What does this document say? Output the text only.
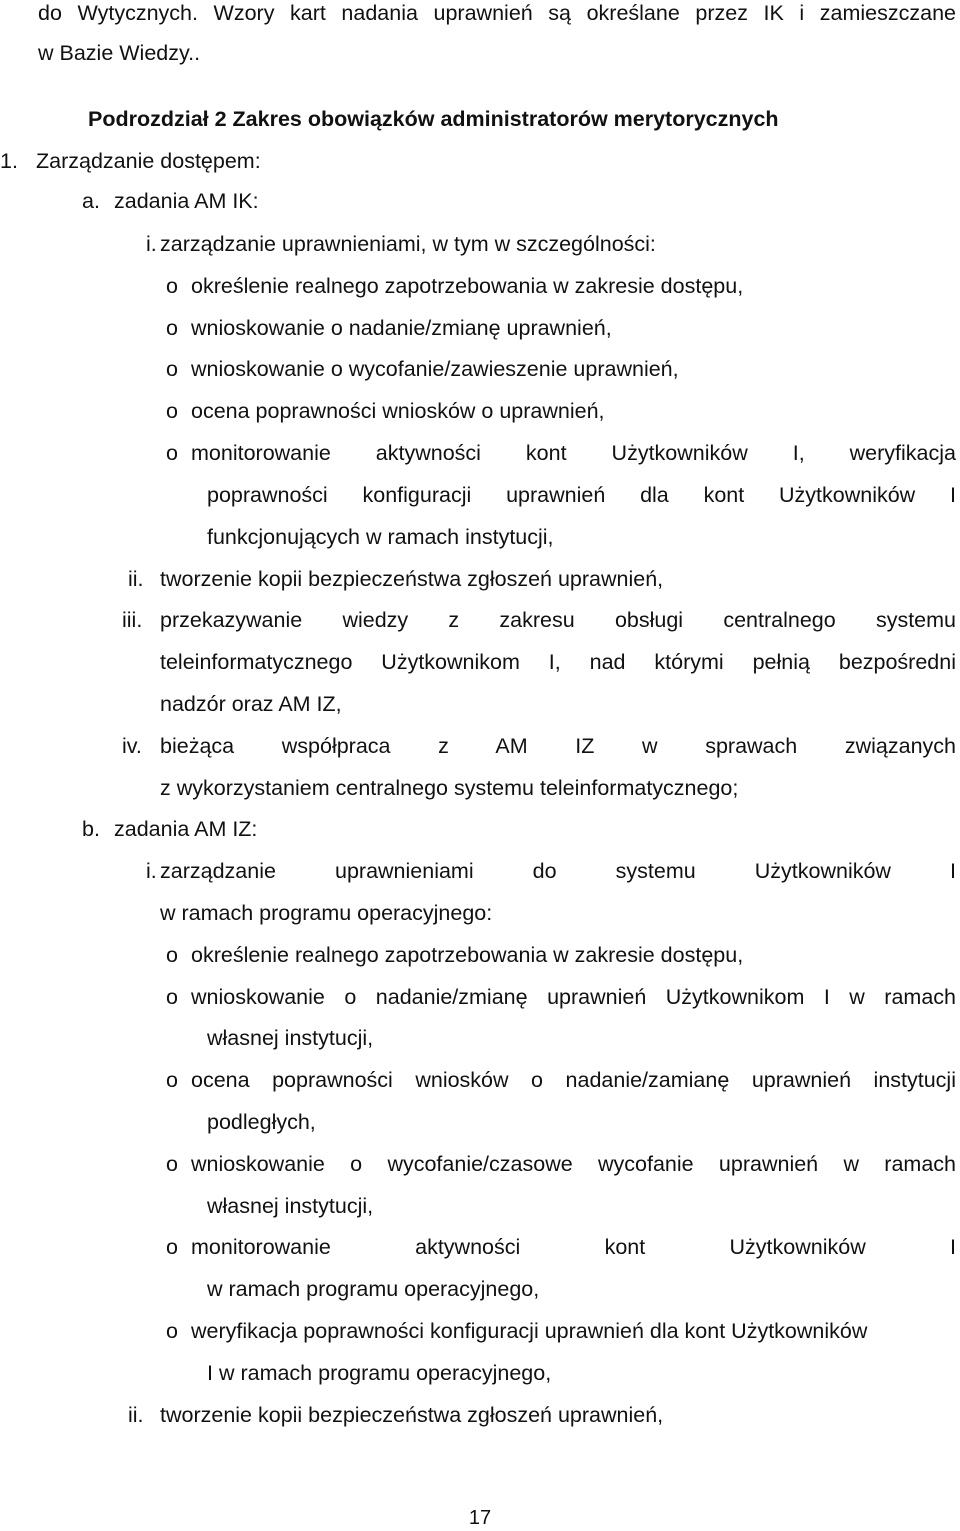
do Wytycznych. Wzory kart nadania uprawnień są określane przez IK i zamieszczane
w Bazie Wiedzy..
Podrozdział 2 Zakres obowiązków administratorów merytorycznych
1. Zarządzanie dostępem:
a. zadania AM IK:
i. zarządzanie uprawnieniami, w tym w szczególności:
o określenie realnego zapotrzebowania w zakresie dostępu,
o wnioskowanie o nadanie/zmianę uprawnień,
o wnioskowanie o wycofanie/zawieszenie uprawnień,
o ocena poprawności wniosków o uprawnień,
o monitorowanie aktywności kont Użytkowników I, weryfikacja
poprawności konfiguracji uprawnień dla kont Użytkowników I
funkcjonujących w ramach instytucji,
ii. tworzenie kopii bezpieczeństwa zgłoszeń uprawnień,
iii. przekazywanie wiedzy z zakresu obsługi centralnego systemu
teleinformatycznego Użytkownikom I, nad którymi pełnią bezpośredni
nadzór oraz AM IZ,
iv. bieżąca współpraca z AM IZ w sprawach związanych
z wykorzystaniem centralnego systemu teleinformatycznego;
b. zadania AM IZ:
i. zarządzanie uprawnieniami do systemu Użytkowników I
w ramach programu operacyjnego:
o określenie realnego zapotrzebowania w zakresie dostępu,
o wnioskowanie o nadanie/zmianę uprawnień Użytkownikom I w ramach
własnej instytucji,
o ocena poprawności wniosków o nadanie/zamianę uprawnień instytucji
podległych,
o wnioskowanie o wycofanie/czasowe wycofanie uprawnień w ramach
własnej instytucji,
o monitorowanie aktywności kont Użytkowników I
w ramach programu operacyjnego,
o weryfikacja poprawności konfiguracji uprawnień dla kont Użytkowników
I w ramach programu operacyjnego,
ii. tworzenie kopii bezpieczeństwa zgłoszeń uprawnień,
17
